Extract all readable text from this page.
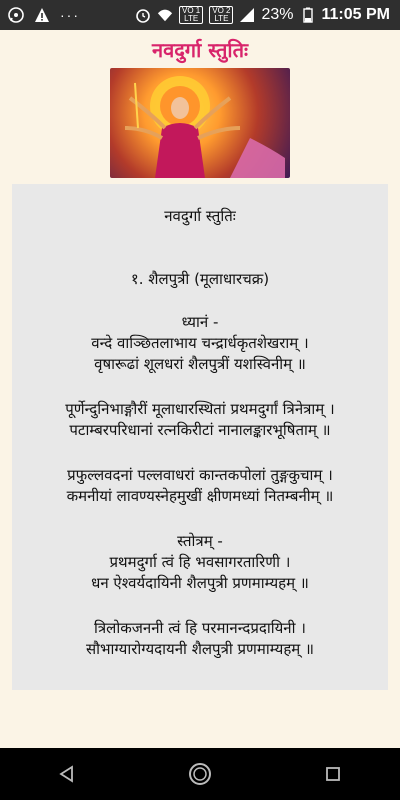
···	VO 1
LTE
VO 2
LTE 23% 11:05 PM
नवदुर्गा स्तुतिः

नवदुर्गा स्तुतिः

१. शैलपुत्री (मूलाधारचक्र)

ध्यानं -

वन्दे वाञ्छितलाभाय चन्द्रार्धकृतशेखराम् ।

वृषारूढां शूलधरां शैलपुत्रीं यशस्विनीम् ॥

पूर्णेन्दुनिभाङ्गौरीं मूलाधारस्थितां प्रथमदुर्गां त्रिनेत्राम् ।

पटाम्बरपरिधानां रत्नकिरीटां नानालङ्कारभूषिताम् ॥

प्रफुल्लवदनां पल्लवाधरां कान्तकपोलां तुङ्गकुचाम् ।

कमनीयां लावण्यस्नेहमुखीं क्षीणमध्यां नितम्बनीम् ॥

स्तोत्रम् -

प्रथमदुर्गा त्वं हि भवसागरतारिणी ।

धन ऐश्वर्यदायिनी शैलपुत्री प्रणमाम्यहम् ॥

त्रिलोकजननी त्वं हि परमानन्दप्रदायिनी ।

सौभाग्यारोग्यदायनी शैलपुत्री प्रणमाम्यहम् ॥
